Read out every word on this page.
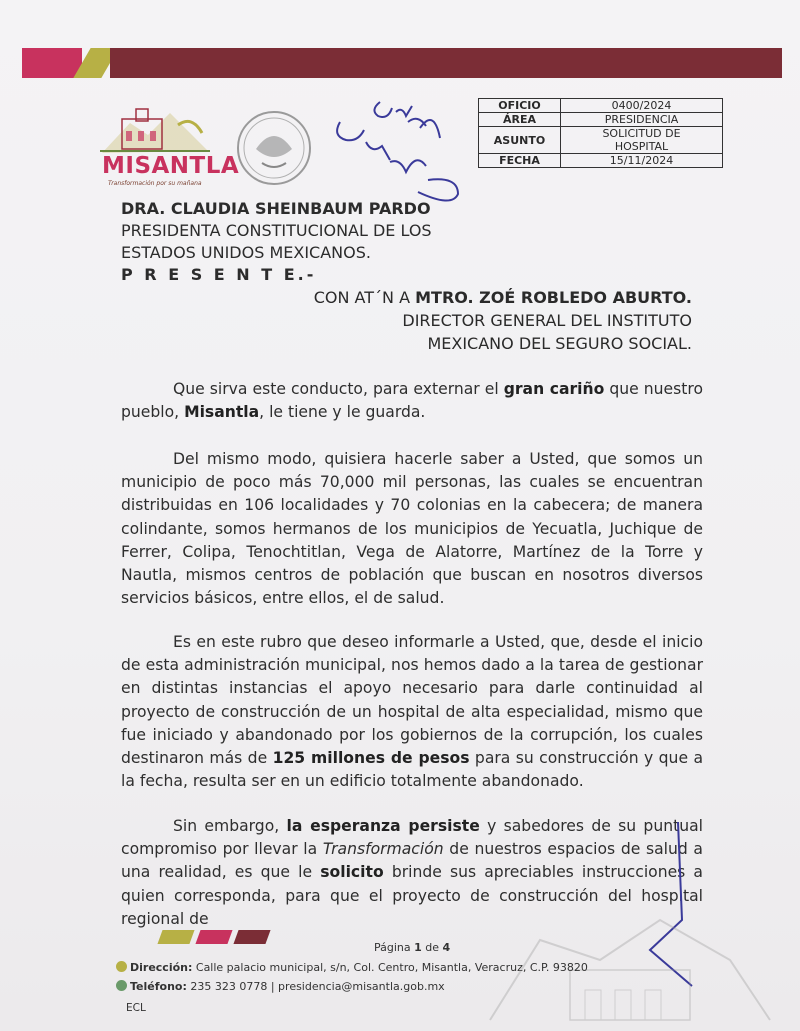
MISANTLA
Transformación por su mañana
OFICIO	0400/2024
ÁREA	PRESIDENCIA
ASUNTO	SOLICITUD DE HOSPITAL
FECHA	15/11/2024
DRA. CLAUDIA SHEINBAUM PARDO
PRESIDENTA CONSTITUCIONAL DE LOS
ESTADOS UNIDOS MEXICANOS.
P R E S E N T E.-
CON AT´N A MTRO. ZOÉ ROBLEDO ABURTO.
DIRECTOR GENERAL DEL INSTITUTO
MEXICANO DEL SEGURO SOCIAL.

Que sirva este conducto, para externar el gran cariño que nuestro pueblo, Misantla, le tiene y le guarda.

Del mismo modo, quisiera hacerle saber a Usted, que somos un municipio de poco más 70,000 mil personas, las cuales se encuentran distribuidas en 106 localidades y 70 colonias en la cabecera; de manera colindante, somos hermanos de los municipios de Yecuatla, Juchique de Ferrer, Colipa, Tenochtitlan, Vega de Alatorre, Martínez de la Torre y Nautla, mismos centros de población que buscan en nosotros diversos servicios básicos, entre ellos, el de salud.

Es en este rubro que deseo informarle a Usted, que, desde el inicio de esta administración municipal, nos hemos dado a la tarea de gestionar en distintas instancias el apoyo necesario para darle continuidad al proyecto de construcción de un hospital de alta especialidad, mismo que fue iniciado y abandonado por los gobiernos de la corrupción, los cuales destinaron más de 125 millones de pesos para su construcción y que a la fecha, resulta ser en un edificio totalmente abandonado.

Sin embargo, la esperanza persiste y sabedores de su puntual compromiso por llevar la Transformación de nuestros espacios de salud a una realidad, es que le solicito brinde sus apreciables instrucciones a quien corresponda, para que el proyecto de construcción del hospital regional de

Página 1 de 4
Dirección: Calle palacio municipal, s/n, Col. Centro, Misantla, Veracruz, C.P. 93820
Teléfono: 235 323 0778 | presidencia@misantla.gob.mx
ECL
